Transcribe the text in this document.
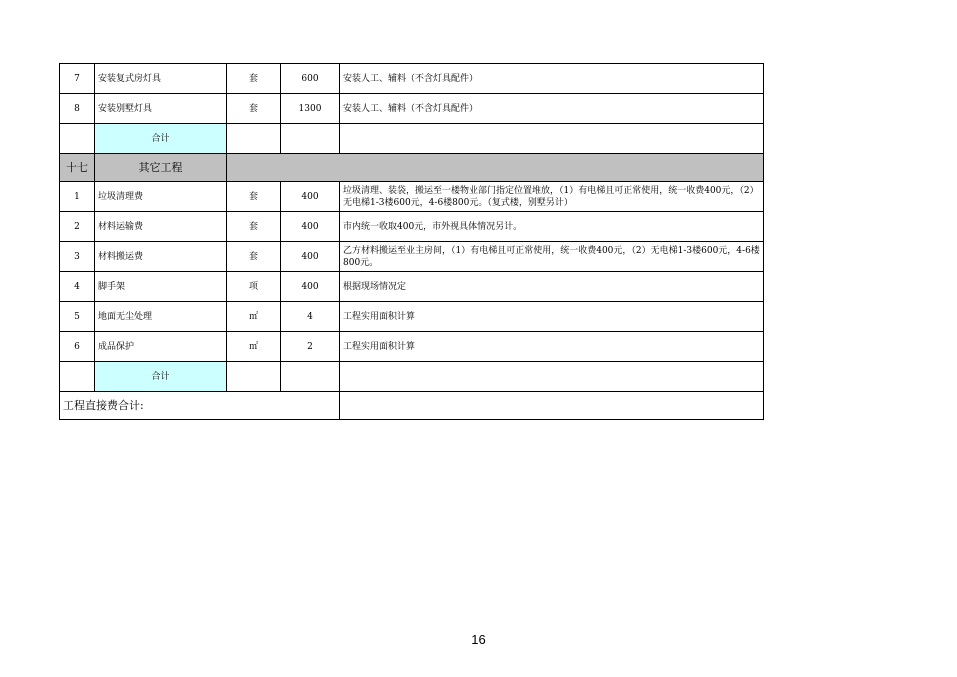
7	安装复式房灯具	套	600	安装人工、辅料（不含灯具配件）
8	安装别墅灯具	套	1300	安装人工、辅料（不含灯具配件）
	合计			
十七	其它工程			
1	垃圾清理费	套	400	垃圾清理、装袋，搬运至一楼物业部门指定位置堆放，（1）有电梯且可正常使用，统一收费400元，（2）无电梯1-3楼600元，4-6楼800元。（复式楼，别墅另计）
2	材料运输费	套	400	市内统一收取400元，市外视具体情况另计。
3	材料搬运费	套	400	乙方材料搬运至业主房间，（1）有电梯且可正常使用，统一收费400元，（2）无电梯1-3楼600元，4-6楼800元。
4	脚手架	项	400	根据现场情况定
5	地面无尘处理	㎡	4	工程实用面积计算
6	成品保护	㎡	2	工程实用面积计算
	合计			
工程直接费合计:				
16
